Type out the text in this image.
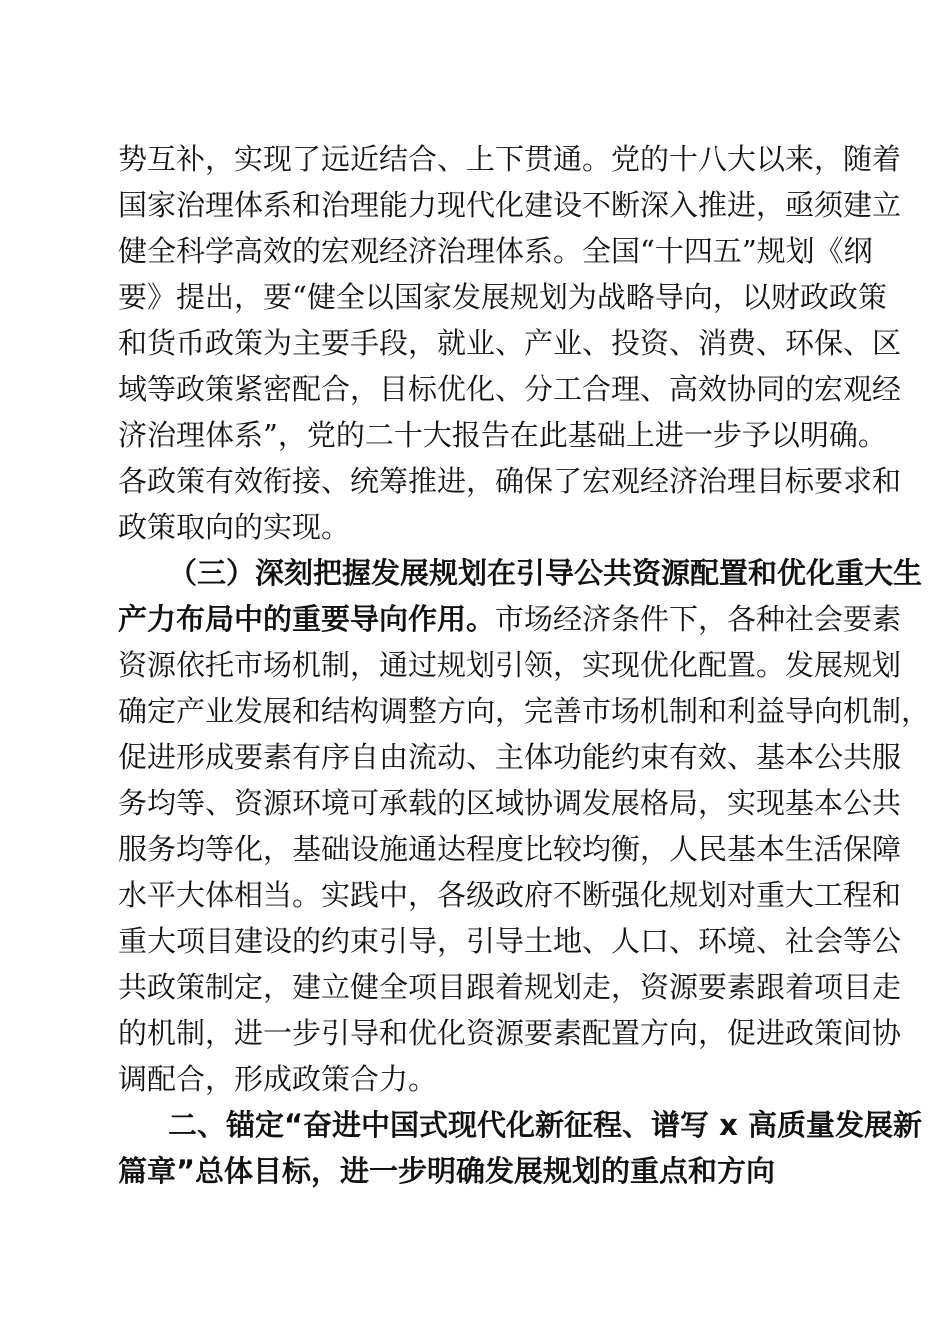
势互补，实现了远近结合、上下贯通。党的十八大以来，随着
国家治理体系和治理能力现代化建设不断深入推进，亟须建立
健全科学高效的宏观经济治理体系。全国“十四五”规划《纲
要》提出，要“健全以国家发展规划为战略导向，以财政政策
和货币政策为主要手段，就业、产业、投资、消费、环保、区
域等政策紧密配合，目标优化、分工合理、高效协同的宏观经
济治理体系”，党的二十大报告在此基础上进一步予以明确。
各政策有效衔接、统筹推进，确保了宏观经济治理目标要求和
政策取向的实现。
（三）深刻把握发展规划在引导公共资源配置和优化重大生
产力布局中的重要导向作用。市场经济条件下，各种社会要素
资源依托市场机制，通过规划引领，实现优化配置。发展规划
确定产业发展和结构调整方向，完善市场机制和利益导向机制，
促进形成要素有序自由流动、主体功能约束有效、基本公共服
务均等、资源环境可承载的区域协调发展格局，实现基本公共
服务均等化，基础设施通达程度比较均衡，人民基本生活保障
水平大体相当。实践中，各级政府不断强化规划对重大工程和
重大项目建设的约束引导，引导土地、人口、环境、社会等公
共政策制定，建立健全项目跟着规划走，资源要素跟着项目走
的机制，进一步引导和优化资源要素配置方向，促进政策间协
调配合，形成政策合力。
二、锚定“奋进中国式现代化新征程、谱写 x 高质量发展新
篇章”总体目标，进一步明确发展规划的重点和方向
